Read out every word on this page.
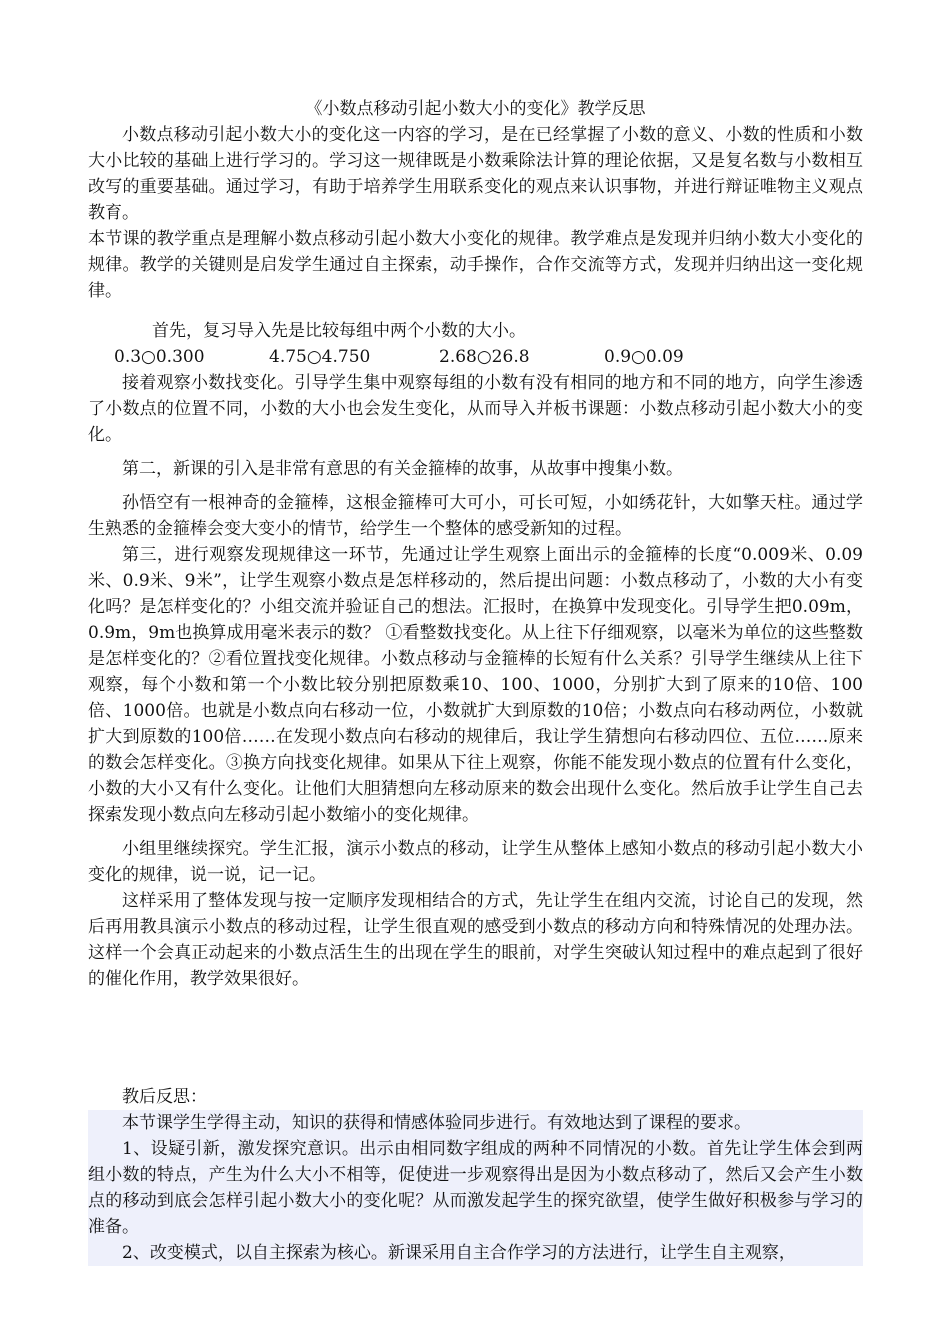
《小数点移动引起小数大小的变化》教学反思

小数点移动引起小数大小的变化这一内容的学习，是在已经掌握了小数的意义、小数的性质和小数大小比较的基础上进行学习的。学习这一规律既是小数乘除法计算的理论依据，又是复名数与小数相互改写的重要基础。通过学习，有助于培养学生用联系变化的观点来认识事物，并进行辩证唯物主义观点教育。

本节课的教学重点是理解小数点移动引起小数大小变化的规律。教学难点是发现并归纳小数大小变化的规律。教学的关键则是启发学生通过自主探索，动手操作，合作交流等方式，发现并归纳出这一变化规律。

首先，复习导入先是比较每组中两个小数的大小。

0.3○0.300	4.75○4.750	2.68○26.8	0.9○0.09

接着观察小数找变化。引导学生集中观察每组的小数有没有相同的地方和不同的地方，向学生渗透了小数点的位置不同，小数的大小也会发生变化，从而导入并板书课题：小数点移动引起小数大小的变化。

第二，新课的引入是非常有意思的有关金箍棒的故事，从故事中搜集小数。

孙悟空有一根神奇的金箍棒，这根金箍棒可大可小，可长可短，小如绣花针，大如擎天柱。通过学生熟悉的金箍棒会变大变小的情节，给学生一个整体的感受新知的过程。

第三，进行观察发现规律这一环节，先通过让学生观察上面出示的金箍棒的长度“0.009米、0.09米、0.9米、9米”，让学生观察小数点是怎样移动的，然后提出问题：小数点移动了，小数的大小有变化吗？是怎样变化的？小组交流并验证自己的想法。汇报时，在换算中发现变化。引导学生把0.09m，0.9m，9m也换算成用毫米表示的数？ ①看整数找变化。从上往下仔细观察，以毫米为单位的这些整数是怎样变化的？②看位置找变化规律。小数点移动与金箍棒的长短有什么关系？引导学生继续从上往下观察，每个小数和第一个小数比较分别把原数乘10、100、1000，分别扩大到了原来的10倍、100倍、1000倍。也就是小数点向右移动一位，小数就扩大到原数的10倍；小数点向右移动两位，小数就扩大到原数的100倍……在发现小数点向右移动的规律后，我让学生猜想向右移动四位、五位……原来的数会怎样变化。③换方向找变化规律。如果从下往上观察，你能不能发现小数点的位置有什么变化，小数的大小又有什么变化。让他们大胆猜想向左移动原来的数会出现什么变化。然后放手让学生自己去探索发现小数点向左移动引起小数缩小的变化规律。

小组里继续探究。学生汇报，演示小数点的移动，让学生从整体上感知小数点的移动引起小数大小变化的规律，说一说，记一记。

这样采用了整体发现与按一定顺序发现相结合的方式，先让学生在组内交流，讨论自己的发现，然后再用教具演示小数点的移动过程，让学生很直观的感受到小数点的移动方向和特殊情况的处理办法。这样一个会真正动起来的小数点活生生的出现在学生的眼前，对学生突破认知过程中的难点起到了很好的催化作用，教学效果很好。

教后反思：

本节课学生学得主动，知识的获得和情感体验同步进行。有效地达到了课程的要求。

1、设疑引新，激发探究意识。出示由相同数字组成的两种不同情况的小数。首先让学生体会到两组小数的特点，产生为什么大小不相等，促使进一步观察得出是因为小数点移动了，然后又会产生小数点的移动到底会怎样引起小数大小的变化呢？从而激发起学生的探究欲望，使学生做好积极参与学习的准备。

2、改变模式，以自主探索为核心。新课采用自主合作学习的方法进行，让学生自主观察，
